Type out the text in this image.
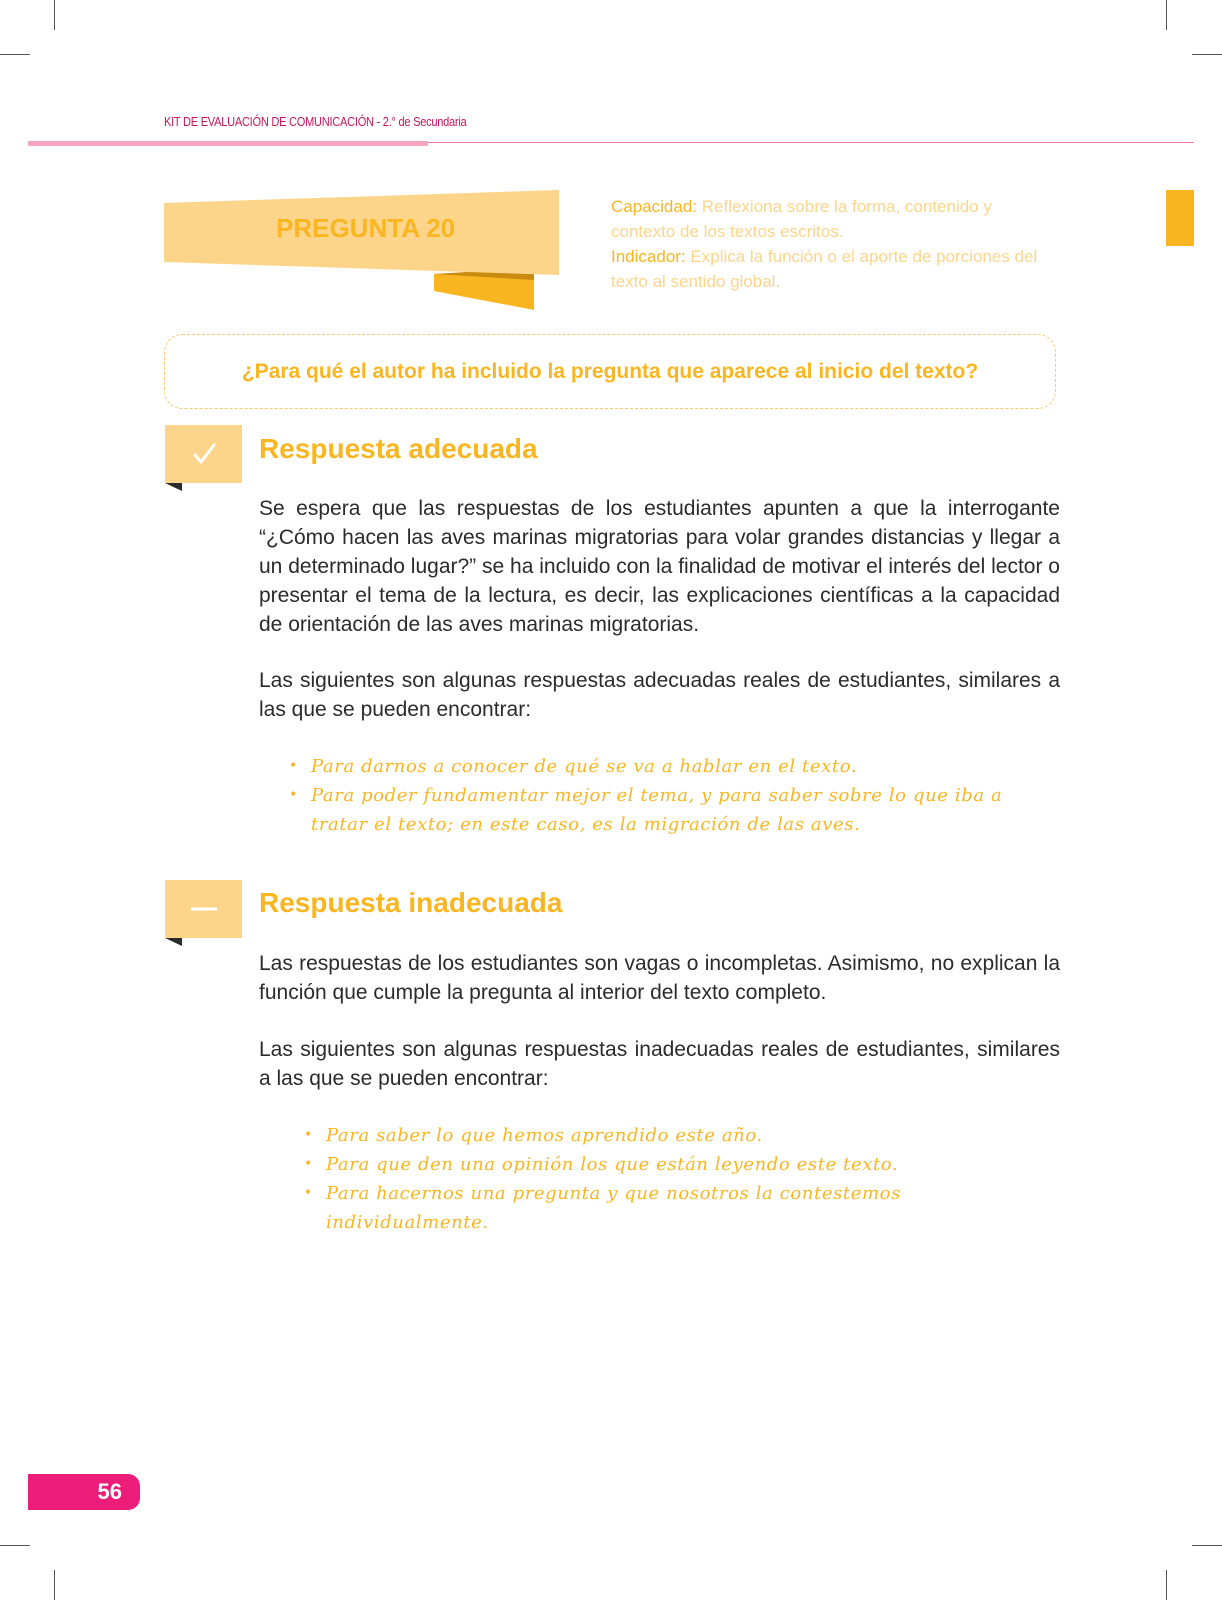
KIT DE EVALUACIÓN DE COMUNICACIÓN - 2.° de Secundaria
PREGUNTA 20
Capacidad: Reflexiona sobre la forma, contenido y contexto de los textos escritos.
Indicador: Explica la función o el aporte de porciones del texto al sentido global.
¿Para qué el autor ha incluido la pregunta que aparece al inicio del texto?
Respuesta adecuada
Se espera que las respuestas de los estudiantes apunten a que la interrogante “¿Cómo hacen las aves marinas migratorias para volar grandes distancias y llegar a un determinado lugar?” se ha incluido con la finalidad de motivar el interés del lector o presentar el tema de la lectura, es decir, las explicaciones científicas a la capacidad de orientación de las aves marinas migratorias.
Las siguientes son algunas respuestas adecuadas reales de estudiantes, similares a las que se pueden encontrar:
• Para darnos a conocer de qué se va a hablar en el texto.
• Para poder fundamentar mejor el tema, y para saber sobre lo que iba a tratar el texto; en este caso, es la migración de las aves.
Respuesta inadecuada
Las respuestas de los estudiantes son vagas o incompletas. Asimismo, no explican la función que cumple la pregunta al interior del texto completo.
Las siguientes son algunas respuestas inadecuadas reales de estudiantes, similares a las que se pueden encontrar:
• Para saber lo que hemos aprendido este año.
• Para que den una opinión los que están leyendo este texto.
• Para hacernos una pregunta y que nosotros la contestemos individualmente.
56
